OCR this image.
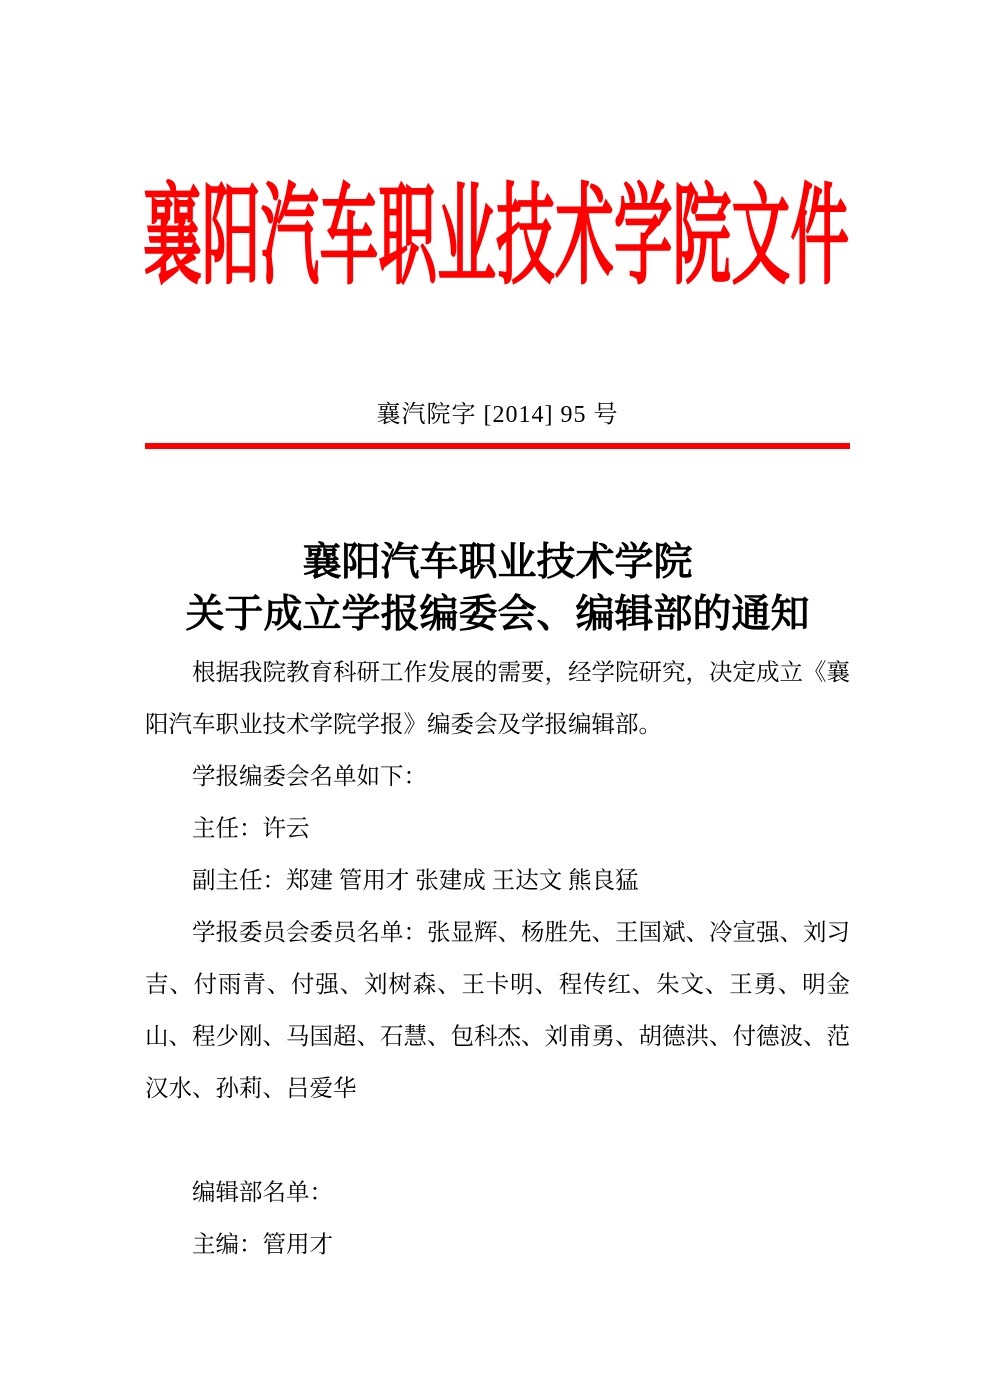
襄阳汽车职业技术学院文件
襄汽院字 [2014] 95 号
襄阳汽车职业技术学院
关于成立学报编委会、编辑部的通知

根据我院教育科研工作发展的需要，经学院研究，决定成立《襄阳汽车职业技术学院学报》编委会及学报编辑部。

学报编委会名单如下：

主任：许云

副主任：郑建 管用才 张建成 王达文 熊良猛

学报委员会委员名单：张显辉、杨胜先、王国斌、冷宣强、刘习吉、付雨青、付强、刘树森、王卡明、程传红、朱文、王勇、明金山、程少刚、马国超、石慧、包科杰、刘甫勇、胡德洪、付德波、范汉水、孙莉、吕爱华

编辑部名单：

主编：管用才
